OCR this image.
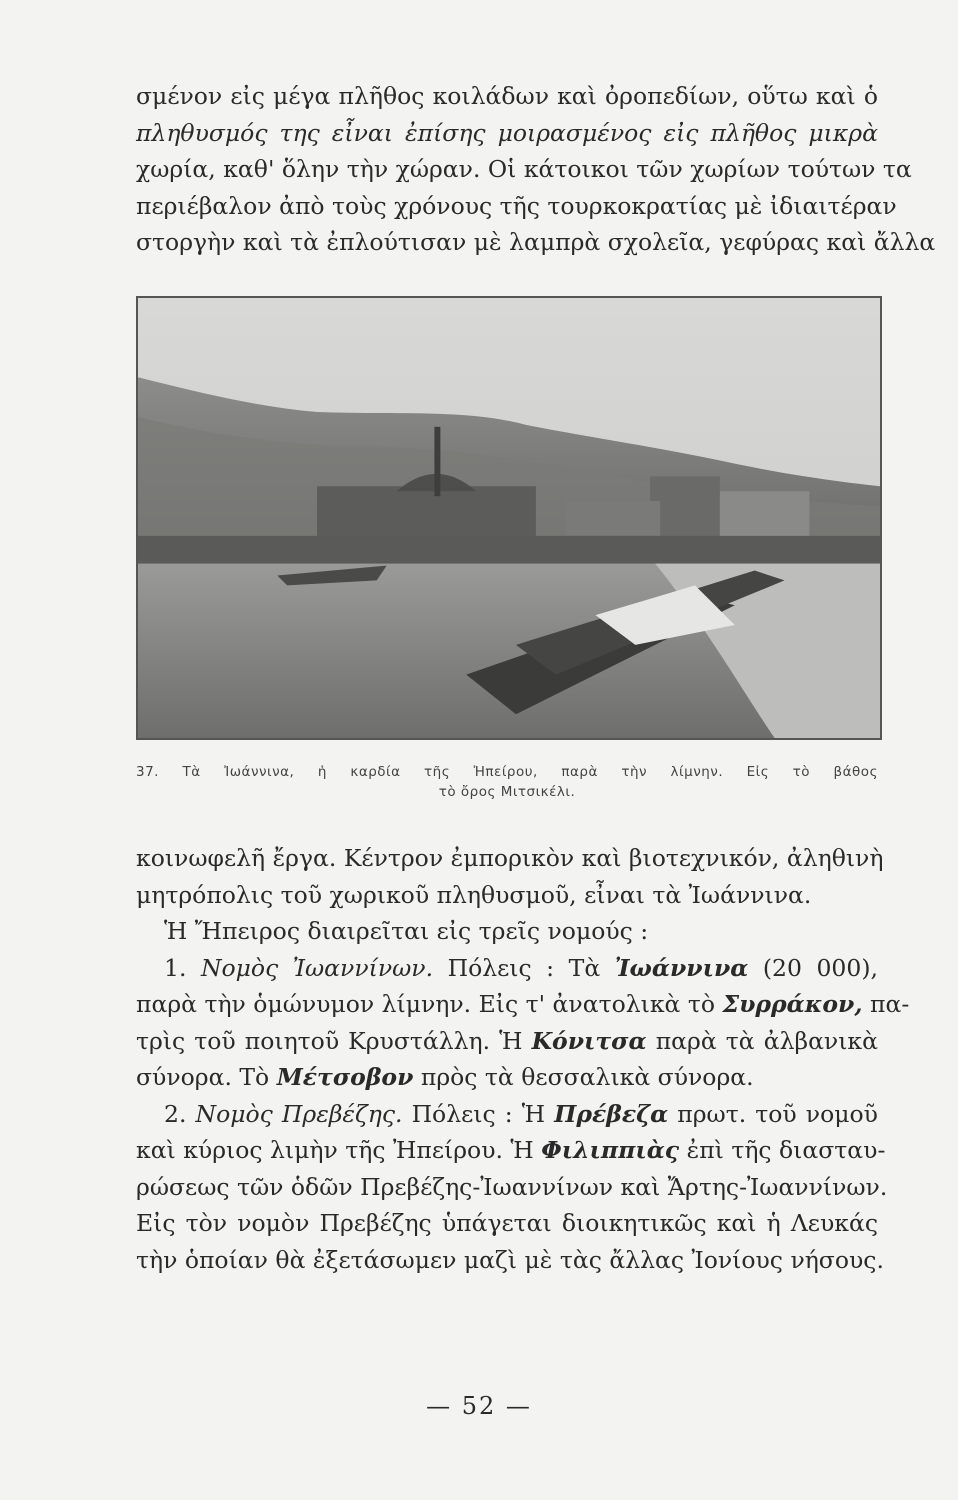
σμένον εἰς μέγα πλῆθος κοιλάδων καὶ ὀροπεδίων, οὕτω καὶ ὁ
πληθυσμός της εἶναι ἐπίσης μοιρασμένος εἰς πλῆθος μικρὰ
χωρία, καθ' ὅλην τὴν χώραν. Οἱ κάτοικοι τῶν χωρίων τούτων τα
περιέβαλον ἀπὸ τοὺς χρόνους τῆς τουρκοκρατίας μὲ ἰδιαιτέραν
στοργὴν καὶ τὰ ἐπλούτισαν μὲ λαμπρὰ σχολεῖα, γεφύρας καὶ ἄλλα
37. Τὰ Ἰωάννινα, ἡ καρδία τῆς Ἠπείρου, παρὰ τὴν λίμνην. Εἰς τὸ βάθος
τὸ ὄρος Μιτσικέλι.
κοινωφελῆ ἔργα. Κέντρον ἐμπορικὸν καὶ βιοτεχνικόν, ἀληθινὴ
μητρόπολις τοῦ χωρικοῦ πληθυσμοῦ, εἶναι τὰ Ἰωάννινα.
Ἡ Ἤπειρος διαιρεῖται εἰς τρεῖς νομούς :
1. Νομὸς Ἰωαννίνων. Πόλεις : Τὰ Ἰωάννινα (20 000),
παρὰ τὴν ὁμώνυμον λίμνην. Εἰς τ' ἀνατολικὰ τὸ Συρράκον, πα-
τρὶς τοῦ ποιητοῦ Κρυστάλλη. Ἡ Κόνιτσα παρὰ τὰ ἀλβανικὰ
σύνορα. Τὸ Μέτσοβον πρὸς τὰ θεσσαλικὰ σύνορα.
2. Νομὸς Πρεβέζης. Πόλεις : Ἡ Πρέβεζα πρωτ. τοῦ νομοῦ
καὶ κύριος λιμὴν τῆς Ἠπείρου. Ἡ Φιλιππιὰς ἐπὶ τῆς διασταυ-
ρώσεως τῶν ὁδῶν Πρεβέζης-Ἰωαννίνων καὶ Ἄρτης-Ἰωαννίνων.
Εἰς τὸν νομὸν Πρεβέζης ὑπάγεται διοικητικῶς καὶ ἡ Λευκάς
τὴν ὁποίαν θὰ ἐξετάσωμεν μαζὶ μὲ τὰς ἄλλας Ἰονίους νήσους.
— 52 —
